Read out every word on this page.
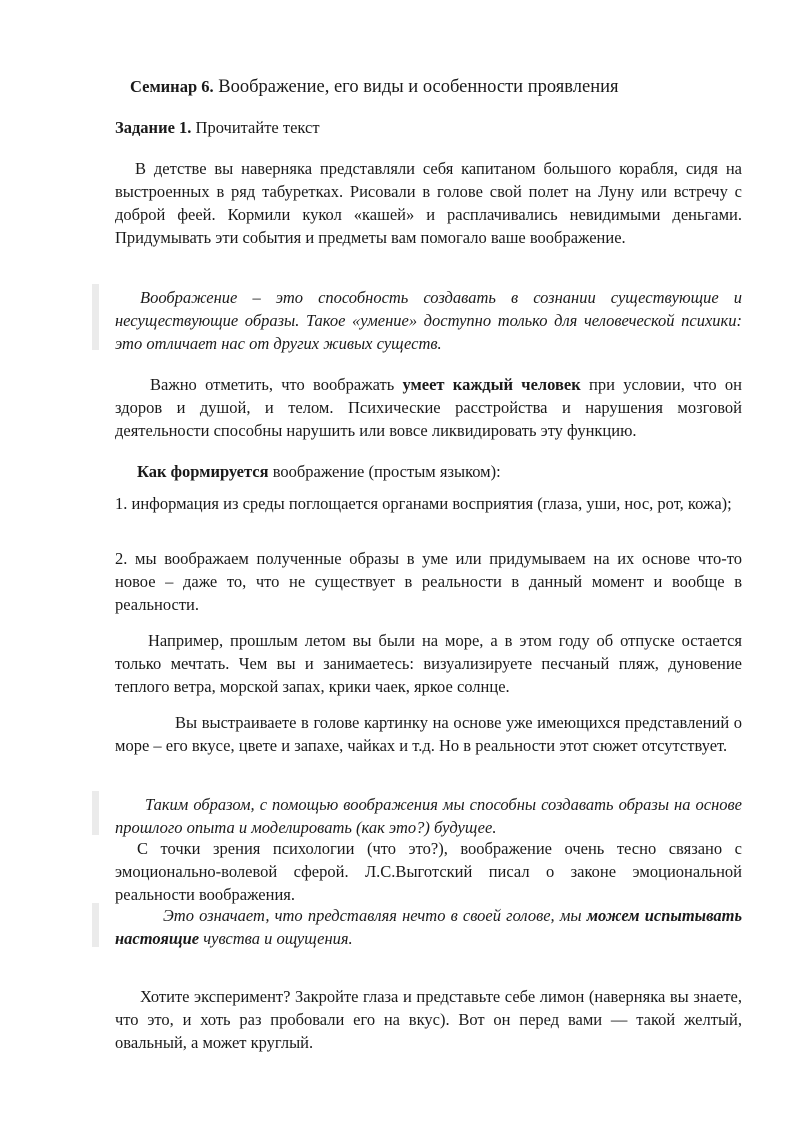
Семинар 6. Воображение, его виды и особенности проявления
Задание 1. Прочитайте текст
В детстве вы наверняка представляли себя капитаном большого корабля, сидя на выстроенных в ряд табуретках. Рисовали в голове свой полет на Луну или встречу с доброй феей. Кормили кукол «кашей» и расплачивались невидимыми деньгами. Придумывать эти события и предметы вам помогало ваше воображение.
Воображение – это способность создавать в сознании существующие и несуществующие образы. Такое «умение» доступно только для человеческой психики: это отличает нас от других живых существ.
Важно отметить, что воображать умеет каждый человек при условии, что он здоров и душой, и телом. Психические расстройства и нарушения мозговой деятельности способны нарушить или вовсе ликвидировать эту функцию.
Как формируется воображение (простым языком):
1. информация из среды поглощается органами восприятия (глаза, уши, нос, рот, кожа);
2. мы воображаем полученные образы в уме или придумываем на их основе что-то новое – даже то, что не существует в реальности в данный момент и вообще в реальности.
Например, прошлым летом вы были на море, а в этом году об отпуске остается только мечтать. Чем вы и занимаетесь: визуализируете песчаный пляж, дуновение теплого ветра, морской запах, крики чаек, яркое солнце.
Вы выстраиваете в голове картинку на основе уже имеющихся представлений о море – его вкусе, цвете и запахе, чайках и т.д. Но в реальности этот сюжет отсутствует.
Таким образом, с помощью воображения мы способны создавать образы на основе прошлого опыта и моделировать (как это?) будущее.
С точки зрения психологии (что это?), воображение очень тесно связано с эмоционально-волевой сферой. Л.С.Выготский писал о законе эмоциональной реальности воображения.
Это означает, что представляя нечто в своей голове, мы можем испытывать настоящие чувства и ощущения.
Хотите эксперимент? Закройте глаза и представьте себе лимон (наверняка вы знаете, что это, и хоть раз пробовали его на вкус). Вот он перед вами — такой желтый, овальный, а может круглый.
